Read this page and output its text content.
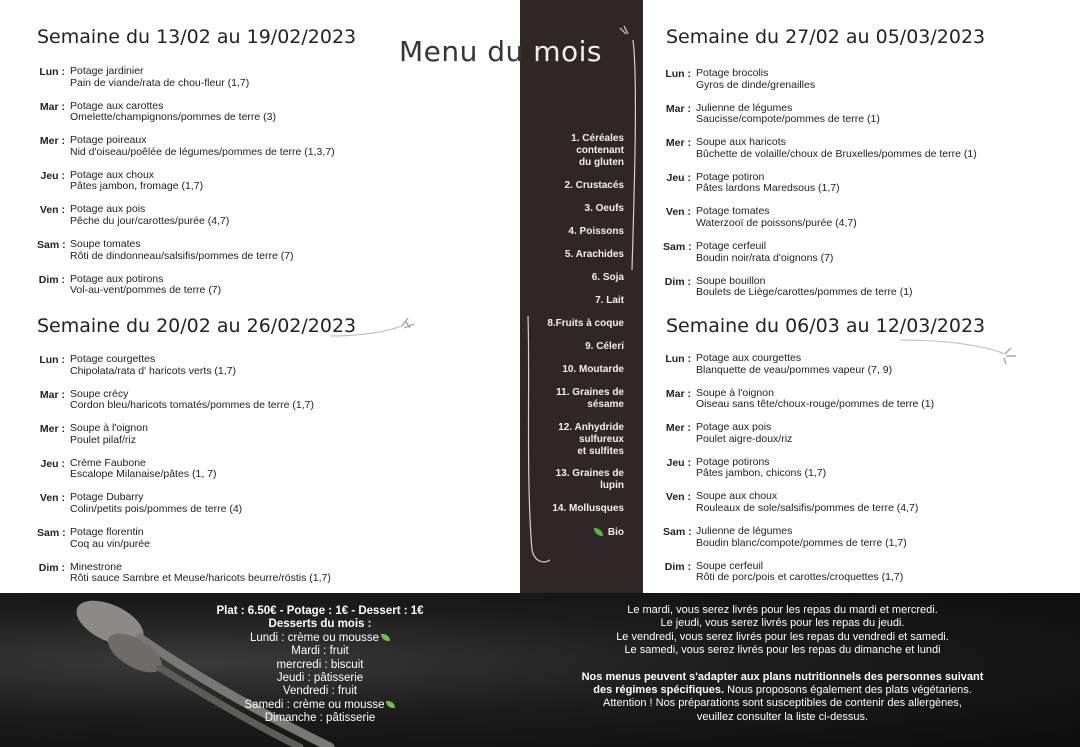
1. Céréales
contenant
du gluten
2. Crustacés
3. Oeufs
4. Poissons
5. Arachides
6. Soja
7. Lait
8.Fruits à coque
9. Céleri
10. Moutarde
11. Graines de
sésame
12. Anhydride
sulfureux
et sulfites
13. Graines de
lupin
14. Mollusques
Bio
Menu du mois
Semaine du 13/02 au 19/02/2023
Lun : Potage jardinier
Pain de viande/rata de chou-fleur (1,7)
Mar : Potage aux carottes
Omelette/champignons/pommes de terre (3)
Mer : Potage poireaux
Nid d'oiseau/poêlée de légumes/pommes de terre (1,3,7)
Jeu : Potage aux choux
Pâtes jambon, fromage (1,7)
Ven : Potage aux pois
Pêche du jour/carottes/purée (4,7)
Sam : Soupe tomates
Rôti de dindonneau/salsifis/pommes de terre (7)
Dim : Potage aux potirons
Vol-au-vent/pommes de terre (7)
Semaine du 20/02 au 26/02/2023
Lun : Potage courgettes
Chipolata/rata d' haricots verts (1,7)
Mar : Soupe crécy
Cordon bleu/haricots tomatés/pommes de terre (1,7)
Mer : Soupe à l'oignon
Poulet pilaf/riz
Jeu : Crème Faubone
Escalope Milanaise/pâtes (1, 7)
Ven : Potage Dubarry
Colin/petits pois/pommes de terre (4)
Sam : Potage florentin
Coq au vin/purée
Dim : Minestrone
Rôti sauce Sambre et Meuse/haricots beurre/röstis (1,7)
Semaine du 27/02 au 05/03/2023
Lun : Potage brocolis
Gyros de dinde/grenailles
Mar : Julienne de légumes
Saucisse/compote/pommes de terre (1)
Mer : Soupe aux haricots
Bûchette de volaille/choux de Bruxelles/pommes de terre (1)
Jeu : Potage potiron
Pâtes lardons Maredsous (1,7)
Ven : Potage tomates
Waterzooï de poissons/purée (4,7)
Sam : Potage cerfeuil
Boudin noir/rata d'oignons (7)
Dim : Soupe bouillon
Boulets de Liège/carottes/pommes de terre (1)
Semaine du 06/03 au 12/03/2023
Lun : Potage aux courgettes
Blanquette de veau/pommes vapeur (7, 9)
Mar : Soupe à l'oignon
Oiseau sans tête/choux-rouge/pommes de terre (1)
Mer : Potage aux pois
Poulet aigre-doux/riz
Jeu : Potage potirons
Pâtes jambon, chicons (1,7)
Ven : Soupe aux choux
Rouleaux de sole/salsifis/pommes de terre (4,7)
Sam : Julienne de légumes
Boudin blanc/compote/pommes de terre (1,7)
Dim : Soupe cerfeuil
Rôti de porc/pois et carottes/croquettes (1,7)
Plat : 6.50€ - Potage : 1€ - Dessert : 1€
Desserts du mois :
Lundi : crème ou mousse
Mardi : fruit
mercredi : biscuit
Jeudi : pâtisserie
Vendredi : fruit
Samedi : crème ou mousse
Dimanche : pâtisserie
Le mardi, vous serez livrés pour les repas du mardi et mercredi.
Le jeudi, vous serez livrés pour les repas du jeudi.
Le vendredi, vous serez livrés pour les repas du vendredi et samedi.
Le samedi, vous serez livrés pour les repas du dimanche et lundi
Nos menus peuvent s'adapter aux plans nutritionnels des personnes suivant
des régimes spécifiques. Nous proposons également des plats végétariens.
Attention ! Nos préparations sont susceptibles de contenir des allergènes,
veuillez consulter la liste ci-dessus.
